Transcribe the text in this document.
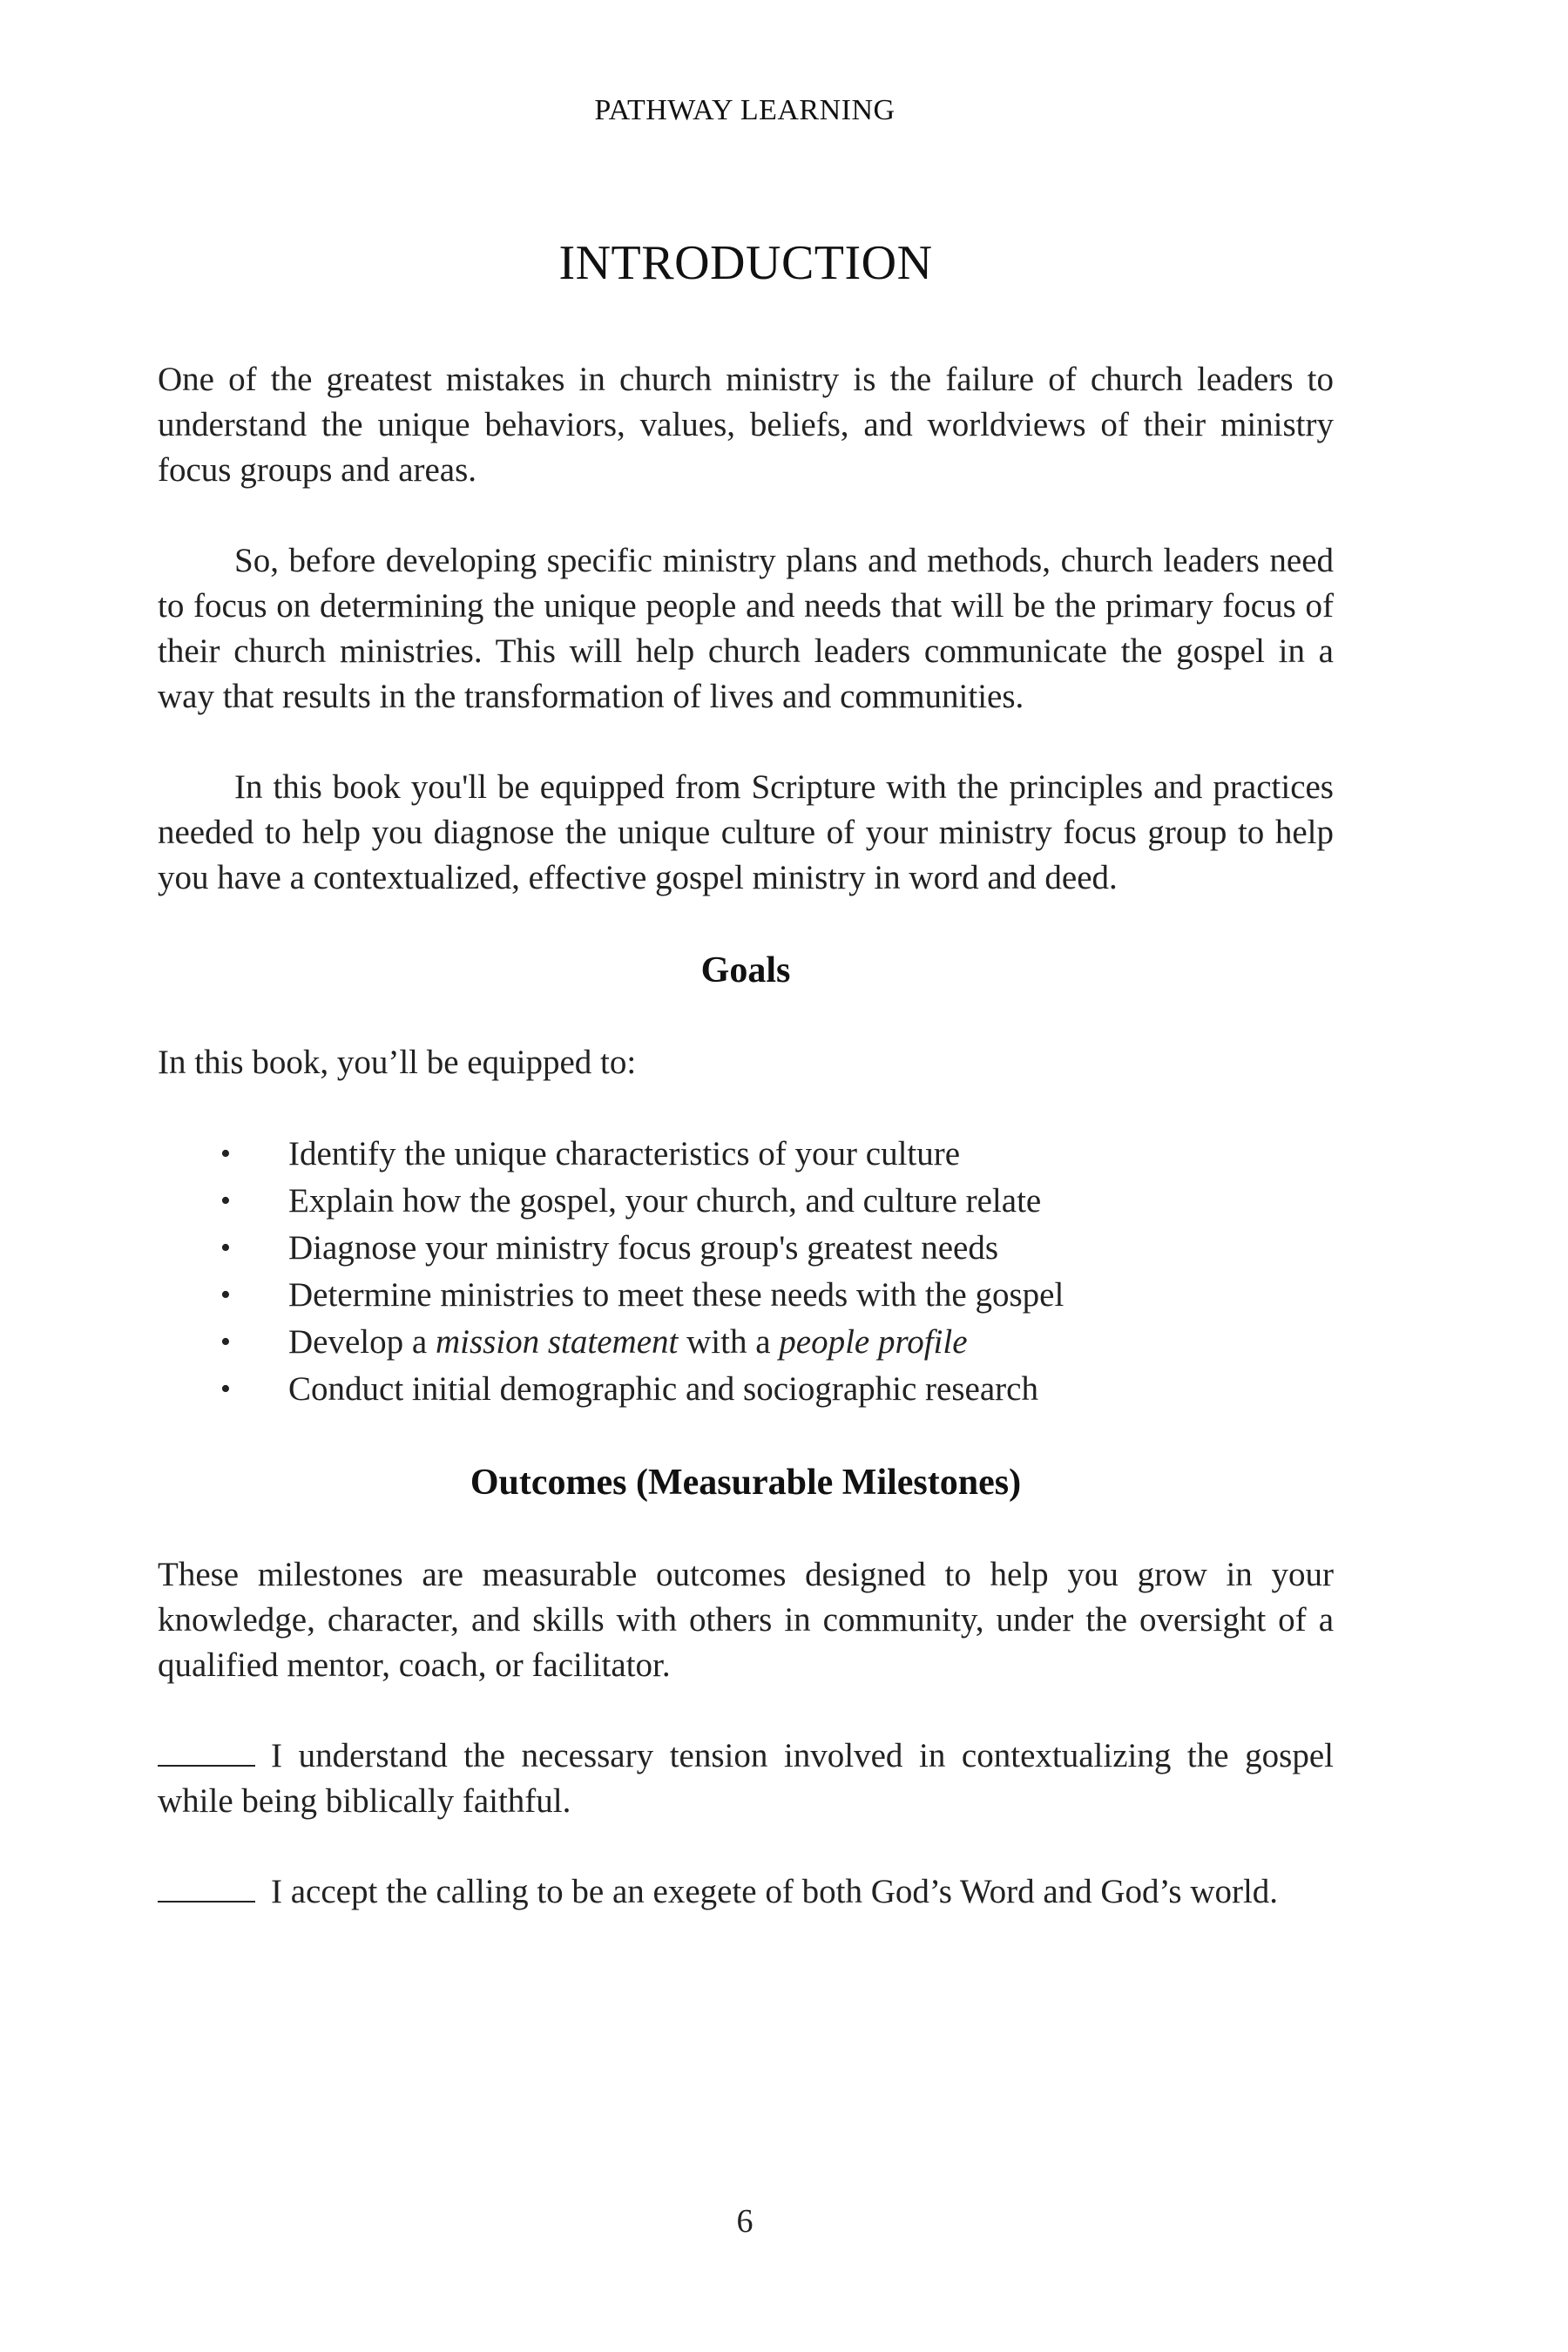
PATHWAY LEARNING
INTRODUCTION

One of the greatest mistakes in church ministry is the failure of church leaders to understand the unique behaviors, values, beliefs, and worldviews of their ministry focus groups and areas.

So, before developing specific ministry plans and methods, church leaders need to focus on determining the unique people and needs that will be the primary focus of their church ministries. This will help church leaders communicate the gospel in a way that results in the transformation of lives and communities.

In this book you'll be equipped from Scripture with the principles and practices needed to help you diagnose the unique culture of your ministry focus group to help you have a contextualized, effective gospel ministry in word and deed.

Goals

In this book, you’ll be equipped to:

• Identify the unique characteristics of your culture
• Explain how the gospel, your church, and culture relate
• Diagnose your ministry focus group's greatest needs
• Determine ministries to meet these needs with the gospel
• Develop a mission statement with a people profile
• Conduct initial demographic and sociographic research
Outcomes (Measurable Milestones)

These milestones are measurable outcomes designed to help you grow in your knowledge, character, and skills with others in community, under the oversight of a qualified mentor, coach, or facilitator.

I understand the necessary tension involved in contextualizing the gospel while being biblically faithful.

I accept the calling to be an exegete of both God’s Word and God’s world.

6
